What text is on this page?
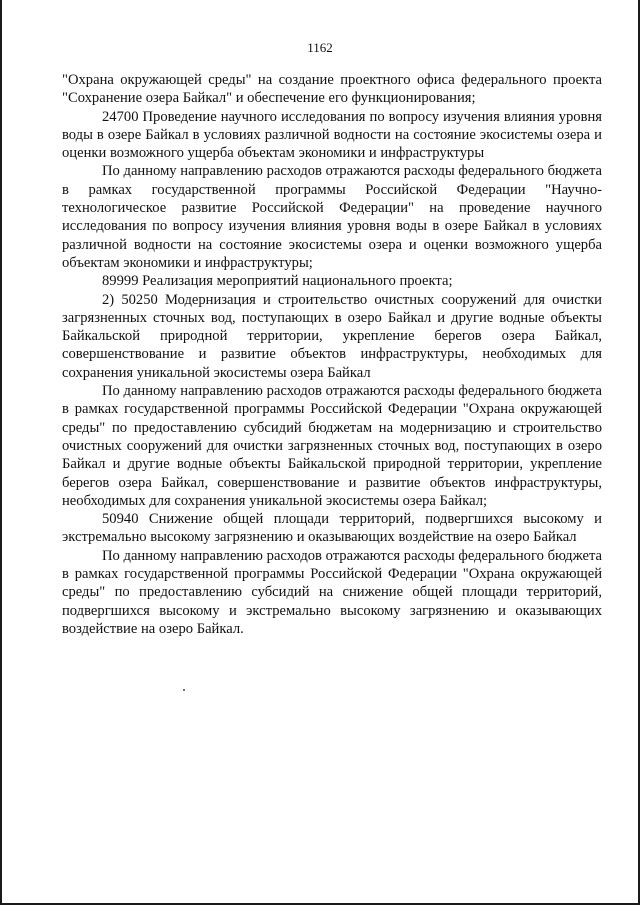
1162

"Охрана окружающей среды" на создание проектного офиса федерального проекта "Сохранение озера Байкал" и обеспечение его функционирования;

24700 Проведение научного исследования по вопросу изучения влияния уровня воды в озере Байкал в условиях различной водности на состояние экосистемы озера и оценки возможного ущерба объектам экономики и инфраструктуры

По данному направлению расходов отражаются расходы федерального бюджета в рамках государственной программы Российской Федерации "Научно-технологическое развитие Российской Федерации" на проведение научного исследования по вопросу изучения влияния уровня воды в озере Байкал в условиях различной водности на состояние экосистемы озера и оценки возможного ущерба объектам экономики и инфраструктуры;

89999 Реализация мероприятий национального проекта;

2) 50250 Модернизация и строительство очистных сооружений для очистки загрязненных сточных вод, поступающих в озеро Байкал и другие водные объекты Байкальской природной территории, укрепление берегов озера Байкал, совершенствование и развитие объектов инфраструктуры, необходимых для сохранения уникальной экосистемы озера Байкал

По данному направлению расходов отражаются расходы федерального бюджета в рамках государственной программы Российской Федерации "Охрана окружающей среды" по предоставлению субсидий бюджетам на модернизацию и строительство очистных сооружений для очистки загрязненных сточных вод, поступающих в озеро Байкал и другие водные объекты Байкальской природной территории, укрепление берегов озера Байкал, совершенствование и развитие объектов инфраструктуры, необходимых для сохранения уникальной экосистемы озера Байкал;

50940 Снижение общей площади территорий, подвергшихся высокому и экстремально высокому загрязнению и оказывающих воздействие на озеро Байкал

По данному направлению расходов отражаются расходы федерального бюджета в рамках государственной программы Российской Федерации "Охрана окружающей среды" по предоставлению субсидий на снижение общей площади территорий, подвергшихся высокому и экстремально высокому загрязнению и оказывающих воздействие на озеро Байкал.
